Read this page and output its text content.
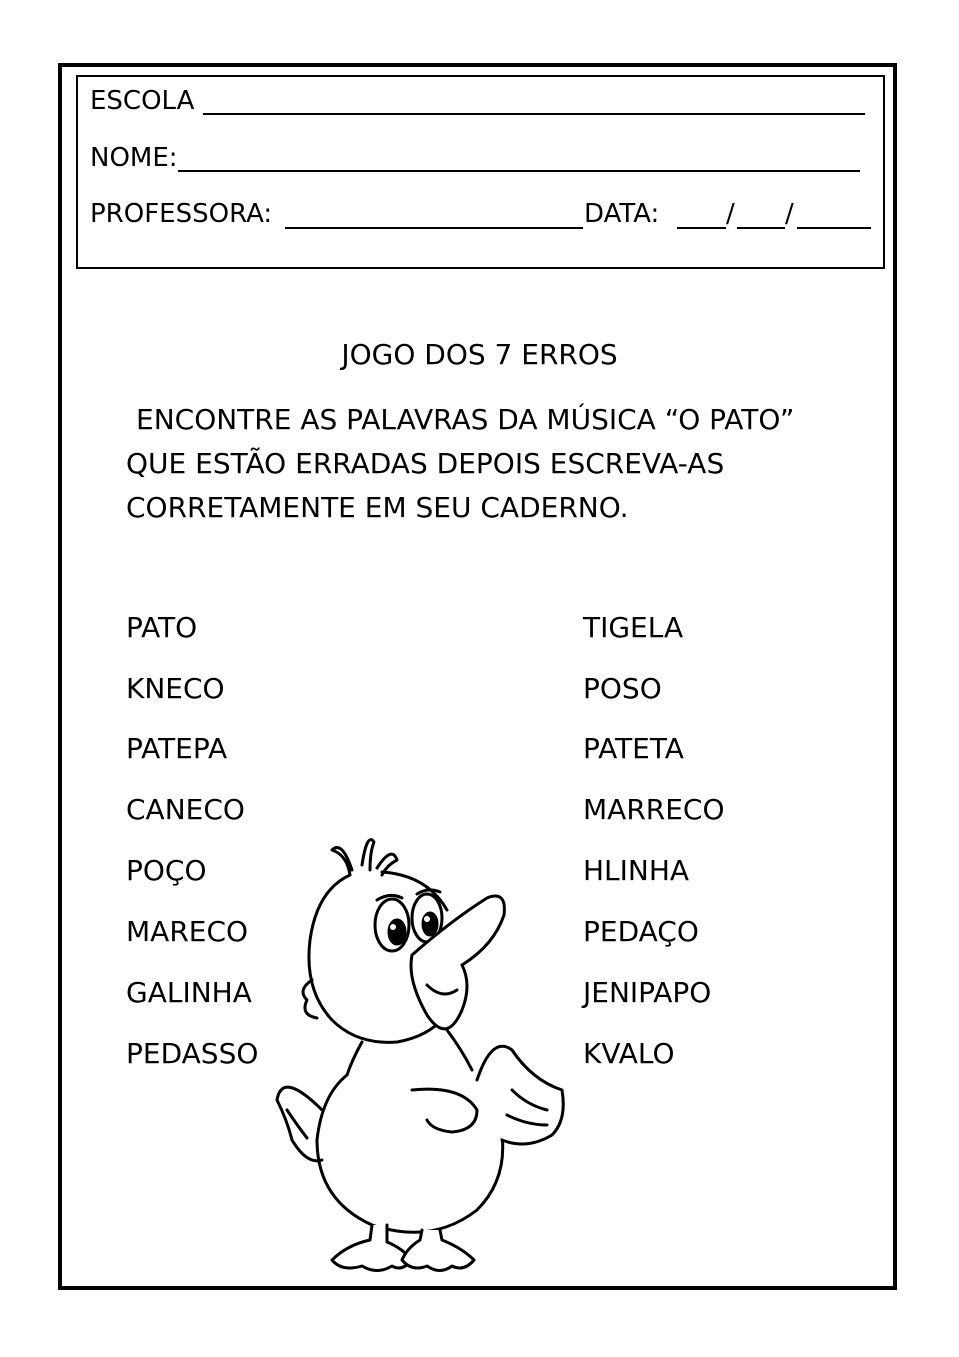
ESCOLA
NOME:
PROFESSORA:	DATA:	/ /
JOGO DOS 7 ERROS
ENCONTRE AS PALAVRAS DA MÚSICA “O PATO”
QUE ESTÃO ERRADAS DEPOIS ESCREVA-AS
CORRETAMENTE EM SEU CADERNO.
PATO
KNECO
PATEPA
CANECO
POÇO
MARECO
GALINHA
PEDASSO
TIGELA
POSO
PATETA
MARRECO
HLINHA
PEDAÇO
JENIPAPO
KVALO
